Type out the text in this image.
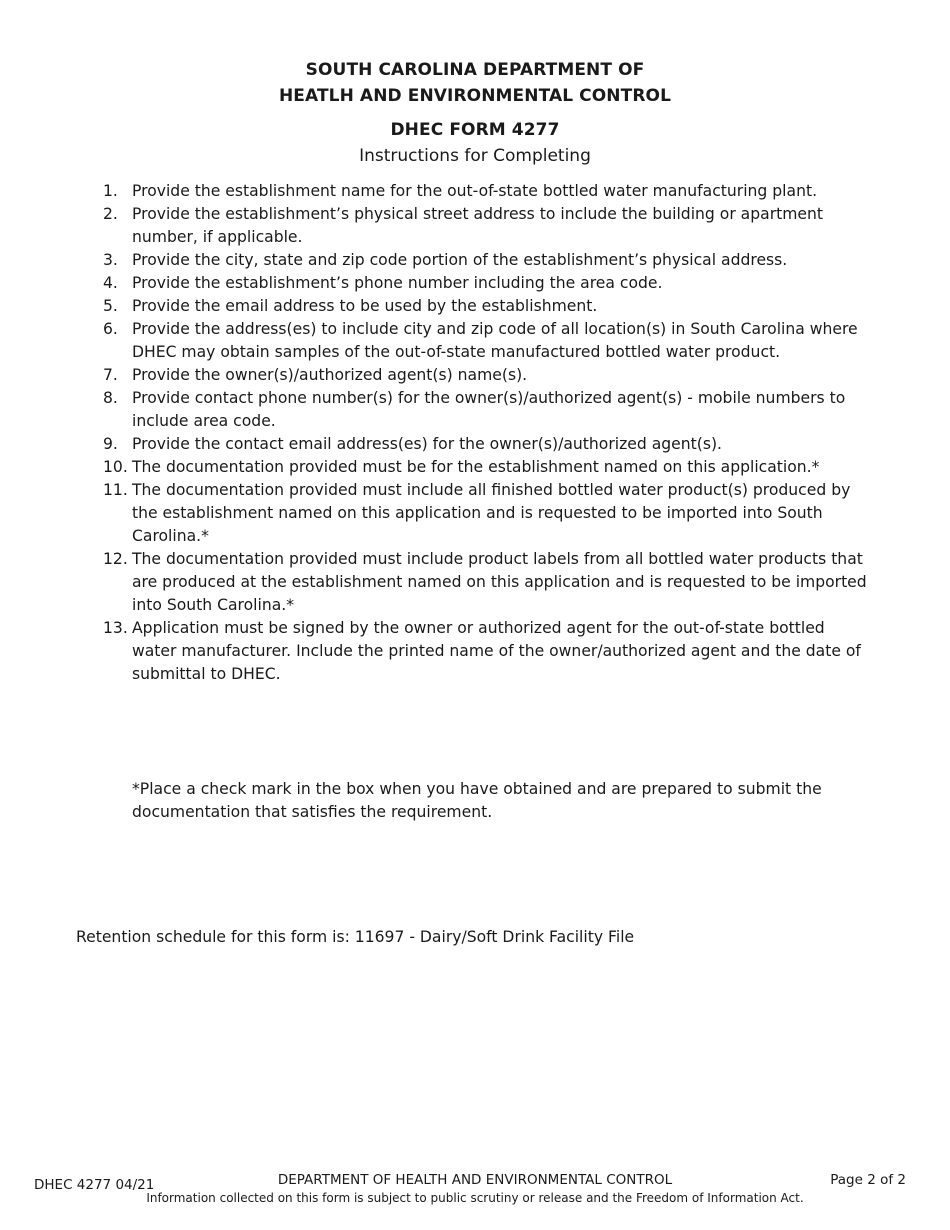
SOUTH CAROLINA DEPARTMENT OF
HEATLH AND ENVIRONMENTAL CONTROL
DHEC FORM 4277
Instructions for Completing
1. Provide the establishment name for the out-of-state bottled water manufacturing plant.
2. Provide the establishment’s physical street address to include the building or apartment number, if applicable.
3. Provide the city, state and zip code portion of the establishment’s physical address.
4. Provide the establishment’s phone number including the area code.
5. Provide the email address to be used by the establishment.
6. Provide the address(es) to include city and zip code of all location(s) in South Carolina where DHEC may obtain samples of the out-of-state manufactured bottled water product.
7. Provide the owner(s)/authorized agent(s) name(s).
8. Provide contact phone number(s) for the owner(s)/authorized agent(s) - mobile numbers to include area code.
9. Provide the contact email address(es) for the owner(s)/authorized agent(s).
10. The documentation provided must be for the establishment named on this application.*
11. The documentation provided must include all finished bottled water product(s) produced by the establishment named on this application and is requested to be imported into South Carolina.*
12. The documentation provided must include product labels from all bottled water products that are produced at the establishment named on this application and is requested to be imported into South Carolina.*
13. Application must be signed by the owner or authorized agent for the out-of-state bottled water manufacturer. Include the printed name of the owner/authorized agent and the date of submittal to DHEC.
*Place a check mark in the box when you have obtained and are prepared to submit the documentation that satisfies the requirement.
Retention schedule for this form is: 11697 - Dairy/Soft Drink Facility File
DHEC 4277 04/21	DEPARTMENT OF HEALTH AND ENVIRONMENTAL CONTROL
Information collected on this form is subject to public scrutiny or release and the Freedom of Information Act.
Page 2 of 2
